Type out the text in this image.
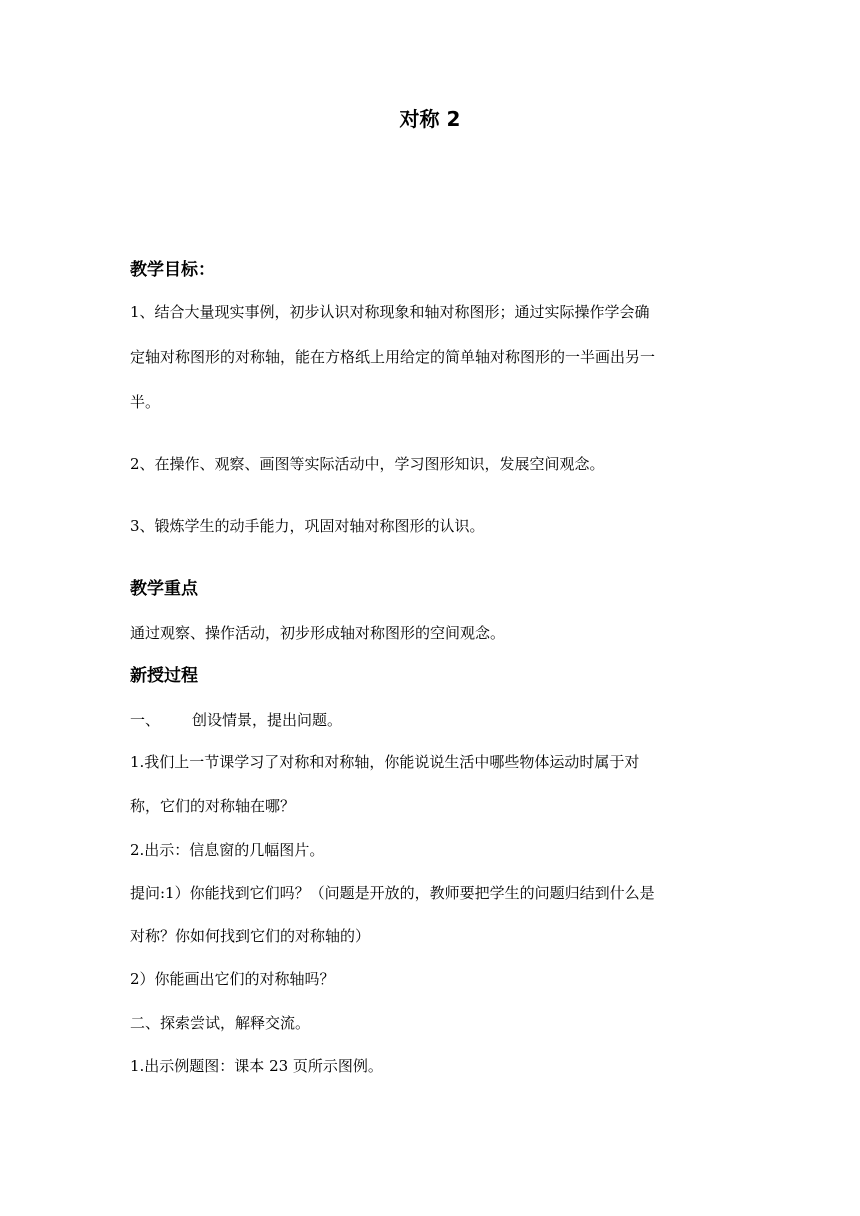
对称 2
教学目标：
1、结合大量现实事例，初步认识对称现象和轴对称图形；通过实际操作学会确
定轴对称图形的对称轴，能在方格纸上用给定的简单轴对称图形的一半画出另一
半。
2、在操作、观察、画图等实际活动中，学习图形知识，发展空间观念。
3、锻炼学生的动手能力，巩固对轴对称图形的认识。
教学重点
通过观察、操作活动，初步形成轴对称图形的空间观念。
新授过程
一、 创设情景，提出问题。
1.我们上一节课学习了对称和对称轴，你能说说生活中哪些物体运动时属于对
称，它们的对称轴在哪？
2.出示：信息窗的几幅图片。
提问:1）你能找到它们吗？（问题是开放的，教师要把学生的问题归结到什么是
对称？你如何找到它们的对称轴的）
2）你能画出它们的对称轴吗？
二、探索尝试，解释交流。
1.出示例题图：课本 23 页所示图例。
